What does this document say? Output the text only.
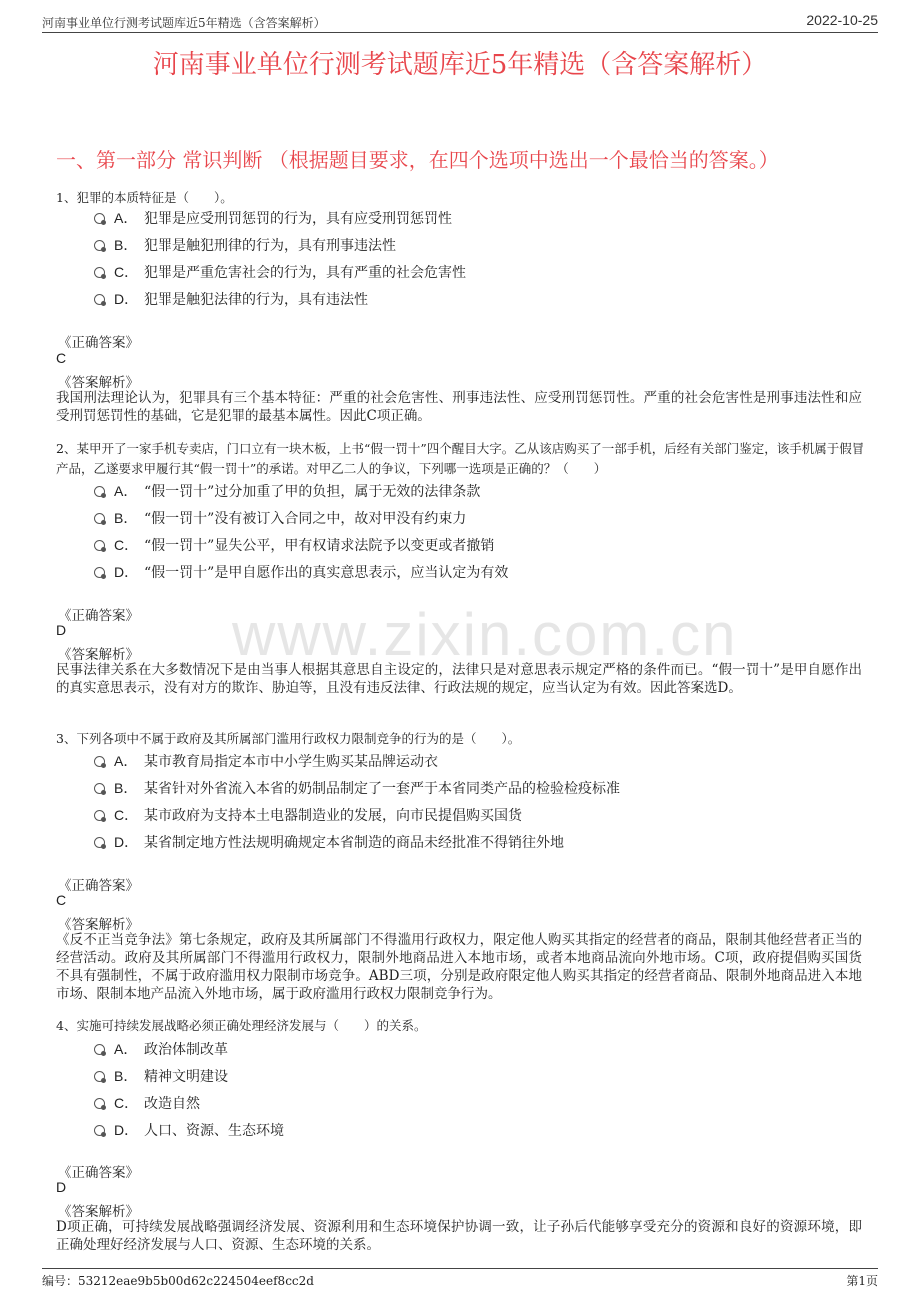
河南事业单位行测考试题库近5年精选（含答案解析）	2022-10-25
河南事业单位行测考试题库近5年精选（含答案解析）
一、第一部分 常识判断 （根据题目要求，在四个选项中选出一个最恰当的答案。）
www.zixin.com.cn
1、犯罪的本质特征是（　　）。
A． 犯罪是应受刑罚惩罚的行为，具有应受刑罚惩罚性
B． 犯罪是触犯刑律的行为，具有刑事违法性
C． 犯罪是严重危害社会的行为，具有严重的社会危害性
D． 犯罪是触犯法律的行为，具有违法性
《正确答案》
C
《答案解析》
我国刑法理论认为，犯罪具有三个基本特征：严重的社会危害性、刑事违法性、应受刑罚惩罚性。严重的社会危害性是刑事违法性和应受刑罚惩罚性的基础，它是犯罪的最基本属性。因此C项正确。
2、某甲开了一家手机专卖店，门口立有一块木板，上书“假一罚十”四个醒目大字。乙从该店购买了一部手机，后经有关部门鉴定，该手机属于假冒产品，乙遂要求甲履行其“假一罚十”的承诺。对甲乙二人的争议，下列哪一选项是正确的？（　　）
A． “假一罚十”过分加重了甲的负担，属于无效的法律条款
B． “假一罚十”没有被订入合同之中，故对甲没有约束力
C． “假一罚十”显失公平，甲有权请求法院予以变更或者撤销
D． “假一罚十”是甲自愿作出的真实意思表示，应当认定为有效
《正确答案》
D
《答案解析》
民事法律关系在大多数情况下是由当事人根据其意思自主设定的，法律只是对意思表示规定严格的条件而已。“假一罚十”是甲自愿作出的真实意思表示，没有对方的欺诈、胁迫等，且没有违反法律、行政法规的规定，应当认定为有效。因此答案选D。
3、下列各项中不属于政府及其所属部门滥用行政权力限制竞争的行为的是（　　）。
A． 某市教育局指定本市中小学生购买某品牌运动衣
B． 某省针对外省流入本省的奶制品制定了一套严于本省同类产品的检验检疫标准
C． 某市政府为支持本土电器制造业的发展，向市民提倡购买国货
D． 某省制定地方性法规明确规定本省制造的商品未经批准不得销往外地
《正确答案》
C
《答案解析》
《反不正当竞争法》第七条规定，政府及其所属部门不得滥用行政权力，限定他人购买其指定的经营者的商品，限制其他经营者正当的经营活动。政府及其所属部门不得滥用行政权力，限制外地商品进入本地市场，或者本地商品流向外地市场。C项，政府提倡购买国货不具有强制性，不属于政府滥用权力限制市场竞争。ABD三项，分别是政府限定他人购买其指定的经营者商品、限制外地商品进入本地市场、限制本地产品流入外地市场，属于政府滥用行政权力限制竞争行为。
4、实施可持续发展战略必须正确处理经济发展与（　　）的关系。
A． 政治体制改革
B． 精神文明建设
C． 改造自然
D． 人口、资源、生态环境
《正确答案》
D
《答案解析》
D项正确，可持续发展战略强调经济发展、资源利用和生态环境保护协调一致，让子孙后代能够享受充分的资源和良好的资源环境，即正确处理好经济发展与人口、资源、生态环境的关系。
编号：53212eae9b5b00d62c224504eef8cc2d	第1页
